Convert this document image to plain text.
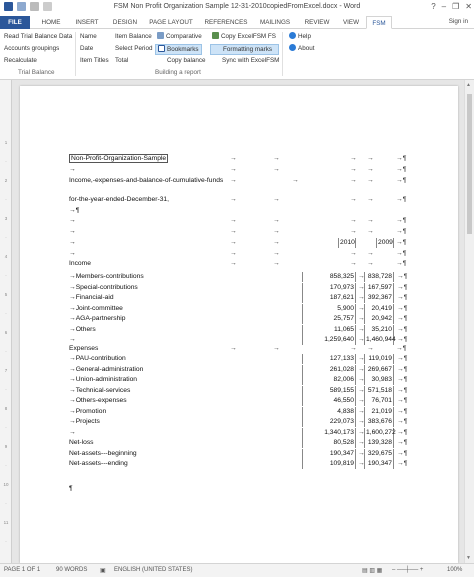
FSM Non Profit Organization Sample 12-31-2010copiedFromExcel.docx - Word	? – ❐ ✕
FILE	HOME	INSERT	DESIGN	PAGE LAYOUT	REFERENCES	MAILINGS	REVIEW	VIEW	FSM	Sign in
Read Trial Balance Data
Accounts groupings
Recalculate
Trial Balance
Name
Date
Item Titles
Item Balance
Select Period
Total
Comparative
Bookmarks
Copy balance
Copy ExcelFSM FS
Formatting marks
Sync with ExcelFSM
Building a report
Help
About
1
·
2
·
3
·
4
·
5
·
6
·
7
·
8
·
9
·
10
·
11
·
Non-Profit-Organization-Sample
→
Income,-expenses-and-balance-of-cumulative-funds
for-the-year-ended-December-31,
→¶
2010	2009
Income
Expenses
→Members-contributions	858,325 → 838,728 →¶
→Special-contributions	170,973 → 167,597 →¶
→Financial-aid	187,621 → 392,367 →¶
→Joint-committee	5,900 →	20,419 →¶
→AGA-partnership	25,757 →	20,942 →¶
→Others	11,065 →	35,210 →¶
→	1,259,640 → 1,460,944 →¶
→PAU-contribution	127,133 → 119,019 →¶
→General-administration	261,028 → 269,667 →¶
→Union-administration	82,006 →	30,983 →¶
→Technical-services	589,155 → 571,518 →¶
→Others-expenses	46,550 →	76,701 →¶
→Promotion	4,838 →	21,019 →¶
→Projects	229,073 → 383,676 →¶
→	1,340,173 → 1,600,272 →¶
Net-loss	80,528 → 139,328 →¶
Net-assets---beginning	190,347 → 329,675 →¶
Net-assets---ending	109,819 → 190,347 →¶
→	→	→ →	→¶
→	→	→ →	→¶
→	→ →	→¶
→
→	→	→ →	→¶
→	→	→ →	→¶
→	→	→ →	→¶
→	→	→¶
→	→	→ →	→¶
→	→	→ →	→¶
→	→	→ →	→¶
→
→
→
→
¶
▲
▼
PAGE 1 OF 1	90 WORDS ▣ ENGLISH (UNITED STATES)	▤ ▥ ▦ – ──┼── +	100%
